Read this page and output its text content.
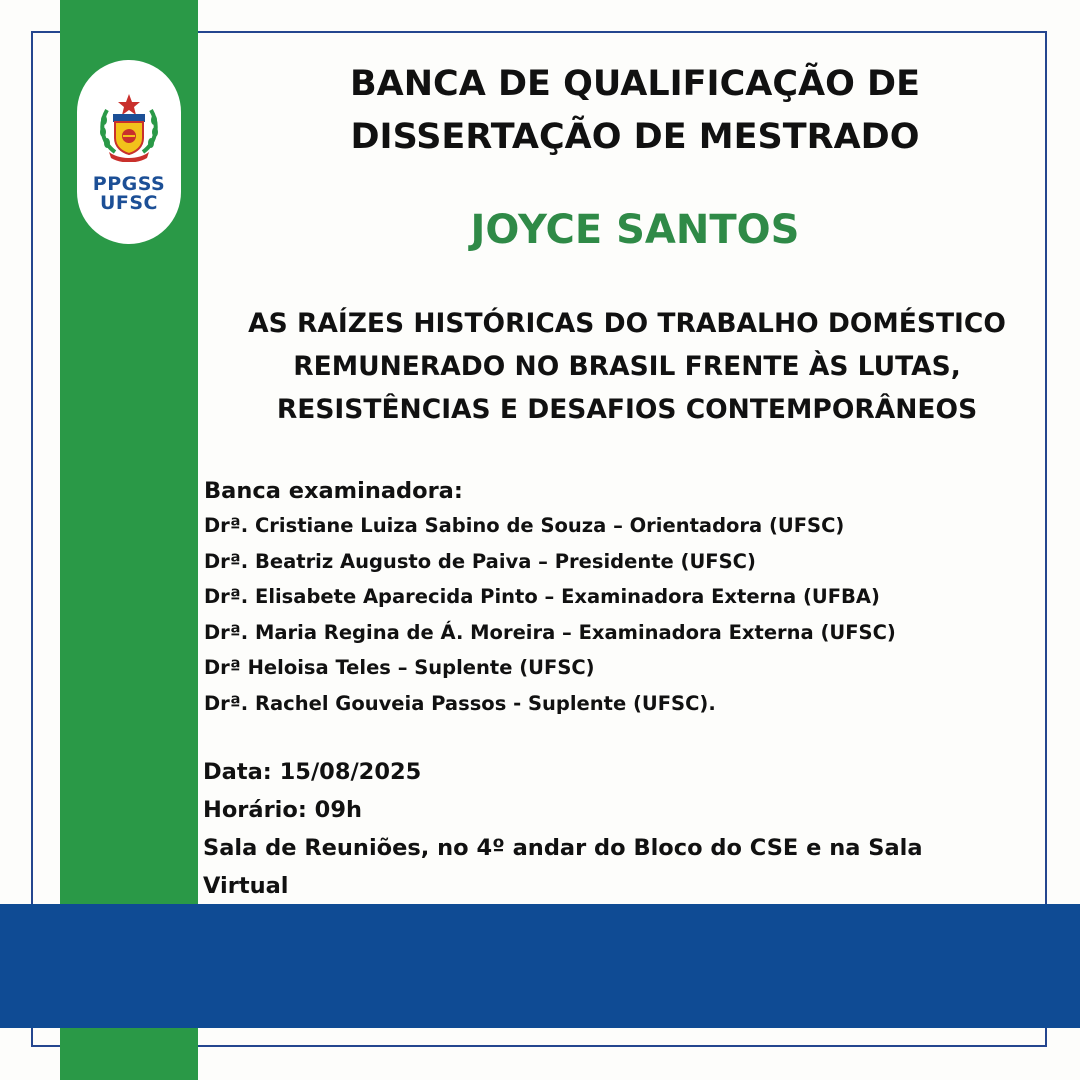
PPGSS
UFSC
BANCA DE QUALIFICAÇÃO DE
DISSERTAÇÃO DE MESTRADO
JOYCE SANTOS
AS RAÍZES HISTÓRICAS DO TRABALHO DOMÉSTICO
REMUNERADO NO BRASIL FRENTE ÀS LUTAS,
RESISTÊNCIAS E DESAFIOS CONTEMPORÂNEOS
Banca examinadora:
Drª. Cristiane Luiza Sabino de Souza – Orientadora (UFSC)
Drª. Beatriz Augusto de Paiva – Presidente (UFSC)
Drª. Elisabete Aparecida Pinto – Examinadora Externa (UFBA)
Drª. Maria Regina de Á. Moreira – Examinadora Externa (UFSC)
Drª Heloisa Teles – Suplente (UFSC)
Drª. Rachel Gouveia Passos - Suplente (UFSC).
Data: 15/08/2025
Horário: 09h
Sala de Reuniões, no 4º andar do Bloco do CSE e na Sala
Virtual
